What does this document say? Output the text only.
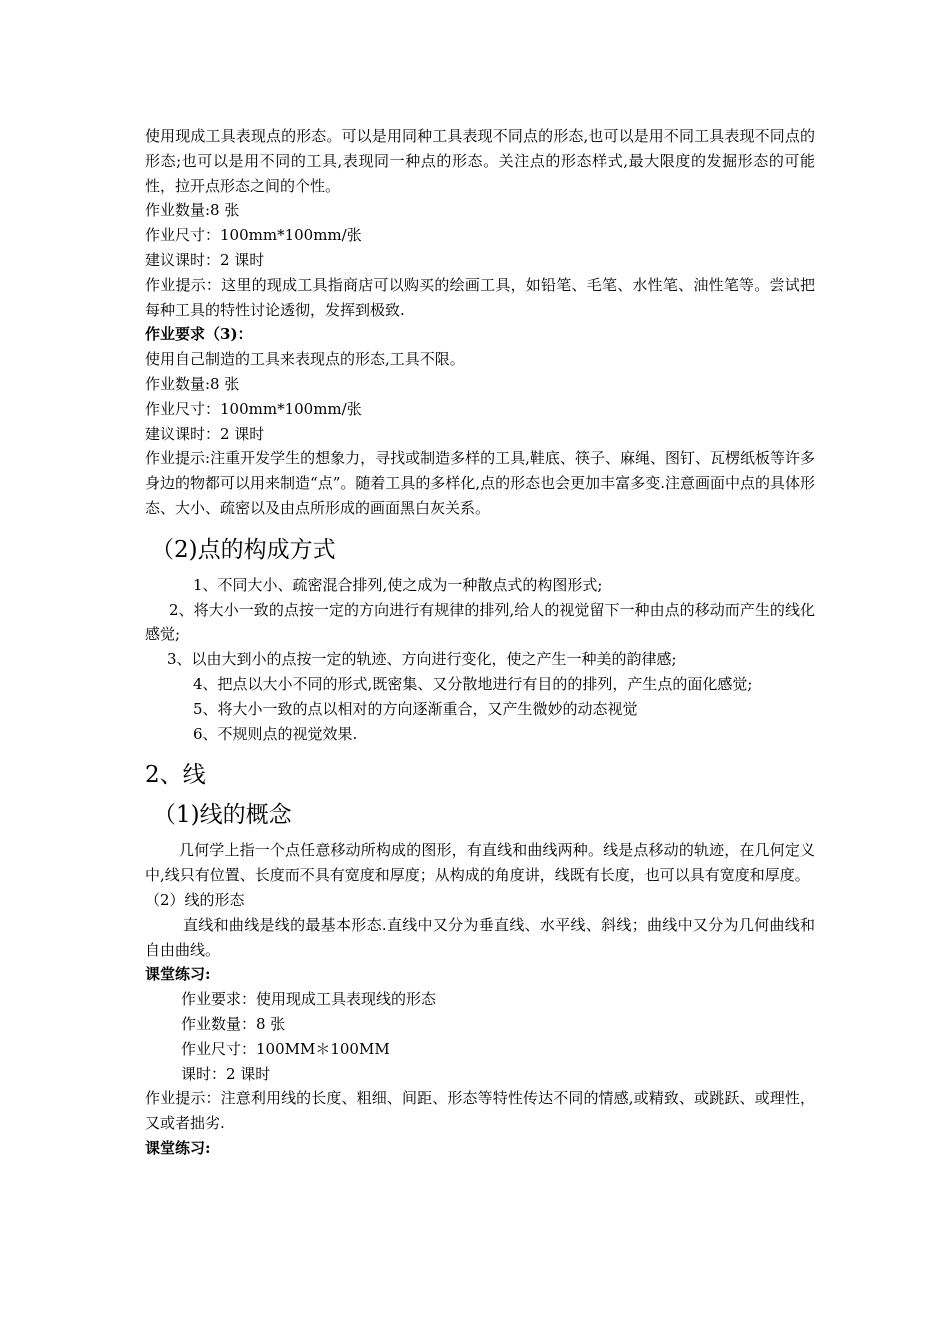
使用现成工具表现点的形态。可以是用同种工具表现不同点的形态,也可以是用不同工具表现不同点的形态;也可以是用不同的工具,表现同一种点的形态。关注点的形态样式,最大限度的发掘形态的可能性，拉开点形态之间的个性。

作业数量:8 张

作业尺寸：100mm*100mm/张

建议课时：2 课时

作业提示：这里的现成工具指商店可以购买的绘画工具，如铅笔、毛笔、水性笔、油性笔等。尝试把每种工具的特性讨论透彻，发挥到极致.

作业要求（3)：

使用自己制造的工具来表现点的形态,工具不限。

作业数量:8 张

作业尺寸：100mm*100mm/张

建议课时：2 课时

作业提示:注重开发学生的想象力，寻找或制造多样的工具,鞋底、筷子、麻绳、图钉、瓦楞纸板等许多身边的物都可以用来制造“点”。随着工具的多样化,点的形态也会更加丰富多变.注意画面中点的具体形态、大小、疏密以及由点所形成的画面黑白灰关系。

（2)点的构成方式

1、不同大小、疏密混合排列,使之成为一种散点式的构图形式;

2、将大小一致的点按一定的方向进行有规律的排列,给人的视觉留下一种由点的移动而产生的线化感觉;

3、以由大到小的点按一定的轨迹、方向进行变化，使之产生一种美的韵律感;

4、把点以大小不同的形式,既密集、又分散地进行有目的的排列，产生点的面化感觉;

5、将大小一致的点以相对的方向逐渐重合，又产生微妙的动态视觉

6、不规则点的视觉效果.

2、线
（1)线的概念

几何学上指一个点任意移动所构成的图形，有直线和曲线两种。线是点移动的轨迹，在几何定义中,线只有位置、长度而不具有宽度和厚度；从构成的角度讲，线既有长度，也可以具有宽度和厚度。

（2）线的形态

直线和曲线是线的最基本形态.直线中又分为垂直线、水平线、斜线；曲线中又分为几何曲线和自由曲线。

课堂练习:

作业要求：使用现成工具表现线的形态

作业数量：8 张

作业尺寸：100MM＊100MM

课时：2 课时

作业提示：注意利用线的长度、粗细、间距、形态等特性传达不同的情感,或精致、或跳跃、或理性，又或者拙劣.

课堂练习:
